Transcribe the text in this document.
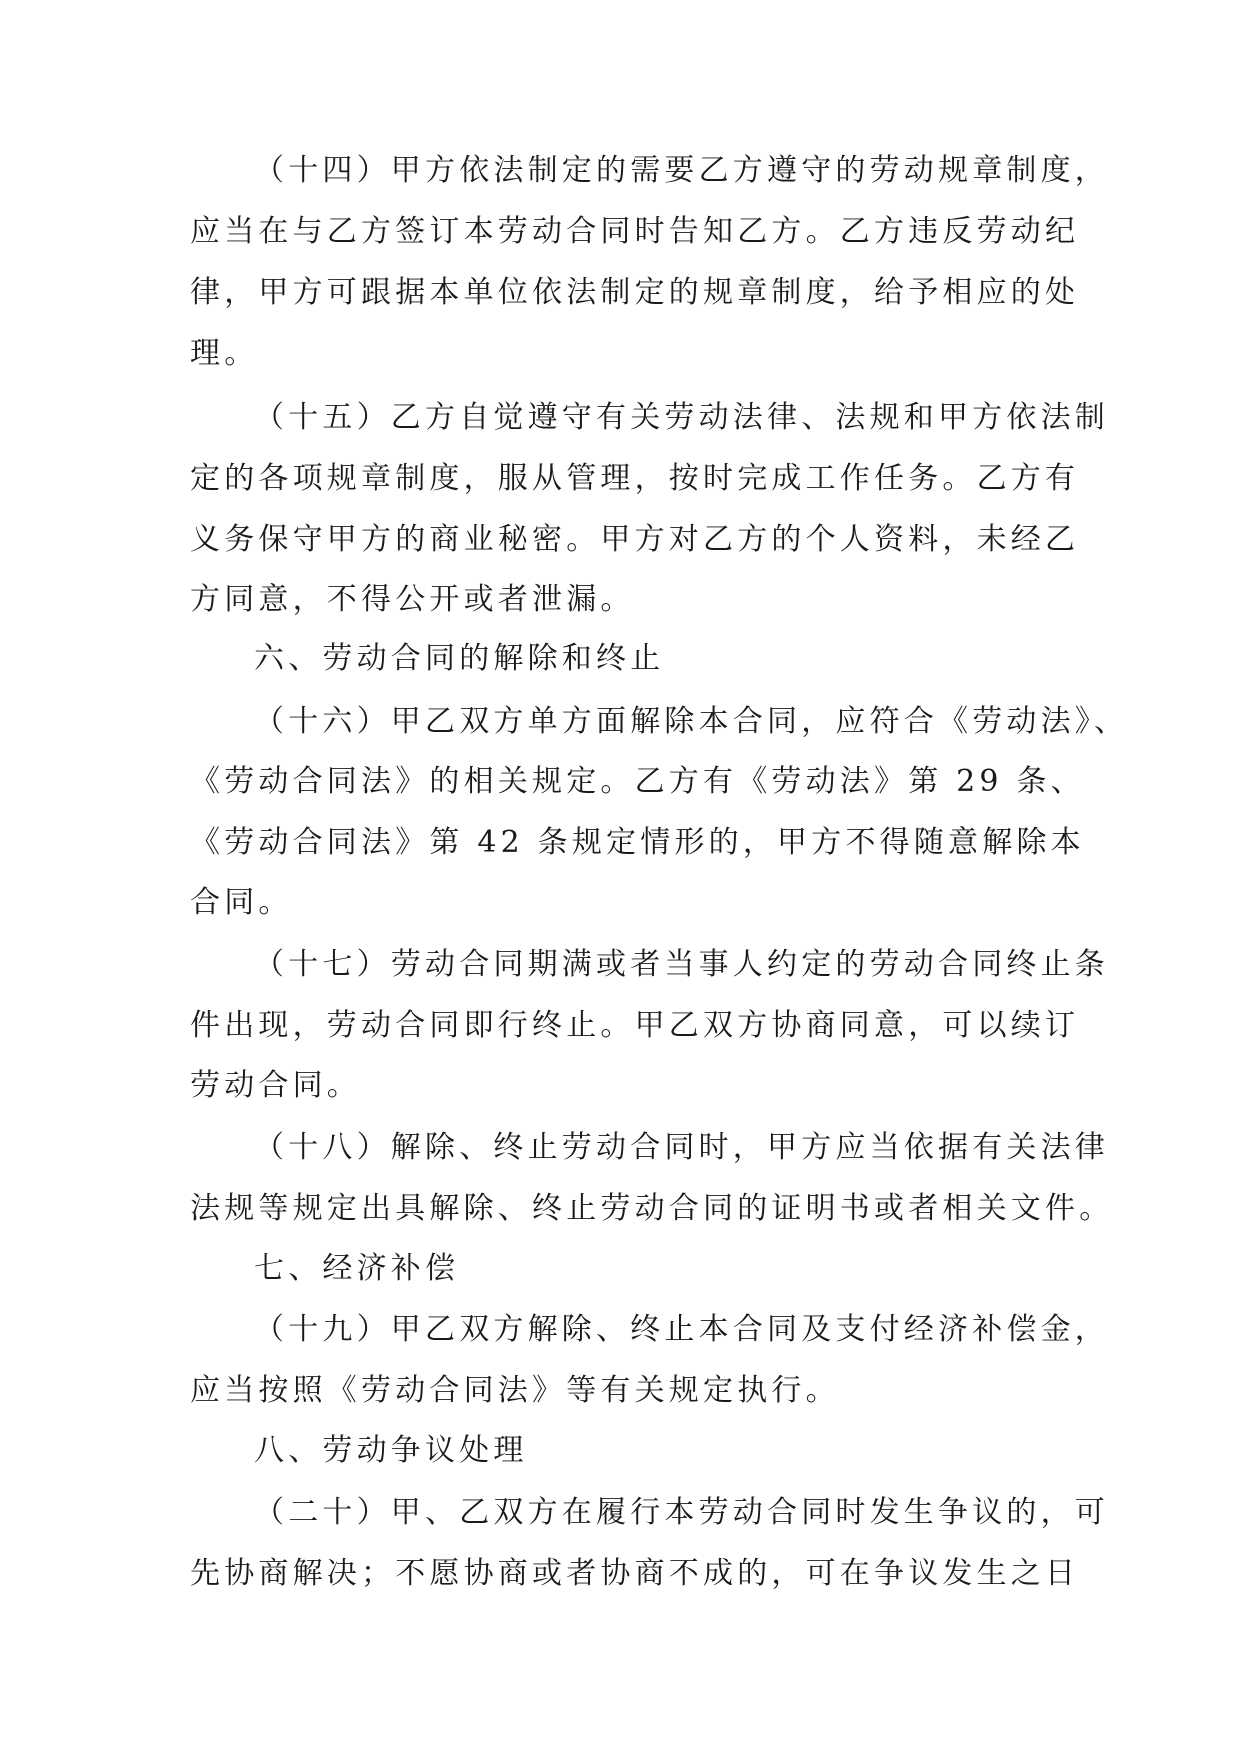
（十四）甲方依法制定的需要乙方遵守的劳动规章制度，
应当在与乙方签订本劳动合同时告知乙方。乙方违反劳动纪
律，甲方可跟据本单位依法制定的规章制度，给予相应的处
理。
（十五）乙方自觉遵守有关劳动法律、法规和甲方依法制
定的各项规章制度，服从管理，按时完成工作任务。乙方有
义务保守甲方的商业秘密。甲方对乙方的个人资料，未经乙
方同意，不得公开或者泄漏。
六、劳动合同的解除和终止
（十六）甲乙双方单方面解除本合同，应符合《劳动法》、
《劳动合同法》的相关规定。乙方有《劳动法》第 29 条、
《劳动合同法》第 42 条规定情形的，甲方不得随意解除本
合同。
（十七）劳动合同期满或者当事人约定的劳动合同终止条
件出现，劳动合同即行终止。甲乙双方协商同意，可以续订
劳动合同。
（十八）解除、终止劳动合同时，甲方应当依据有关法律
法规等规定出具解除、终止劳动合同的证明书或者相关文件。
七、经济补偿
（十九）甲乙双方解除、终止本合同及支付经济补偿金，
应当按照《劳动合同法》等有关规定执行。
八、劳动争议处理
（二十）甲、乙双方在履行本劳动合同时发生争议的，可
先协商解决；不愿协商或者协商不成的，可在争议发生之日
